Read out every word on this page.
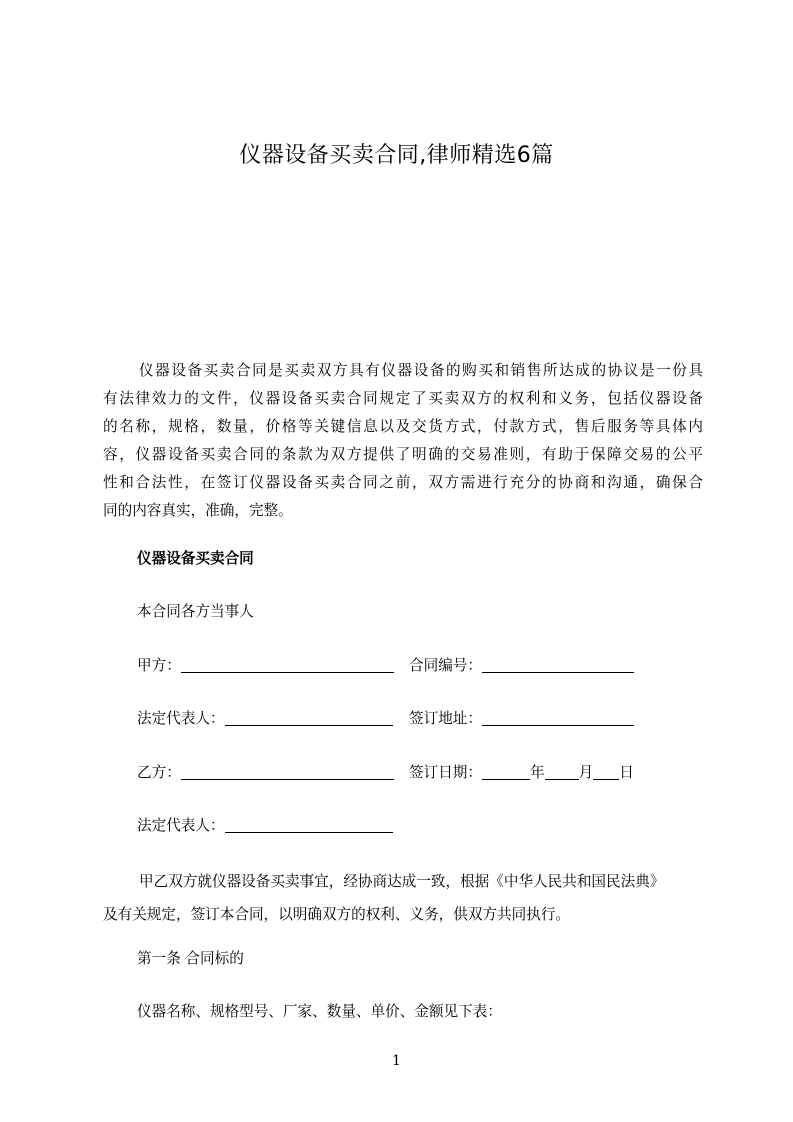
仪器设备买卖合同,律师精选6篇
仪器设备买卖合同是买卖双方具有仪器设备的购买和销售所达成的协议是一份具
有法律效力的文件，仪器设备买卖合同规定了买卖双方的权利和义务，包括仪器设备
的名称，规格，数量，价格等关键信息以及交货方式，付款方式，售后服务等具体内
容，仪器设备买卖合同的条款为双方提供了明确的交易准则，有助于保障交易的公平
性和合法性，在签订仪器设备买卖合同之前，双方需进行充分的协商和沟通，确保合
同的内容真实，准确，完整。
仪器设备买卖合同
本合同各方当事人
甲方：	合同编号：
法定代表人：	签订地址：
乙方：	签订日期：	年 月 日
法定代表人：
甲乙双方就仪器设备买卖事宜，经协商达成一致，根据《中华人民共和国民法典》
及有关规定，签订本合同，以明确双方的权利、义务，供双方共同执行。
第一条 合同标的
仪器名称、规格型号、厂家、数量、单价、金额见下表：
1
